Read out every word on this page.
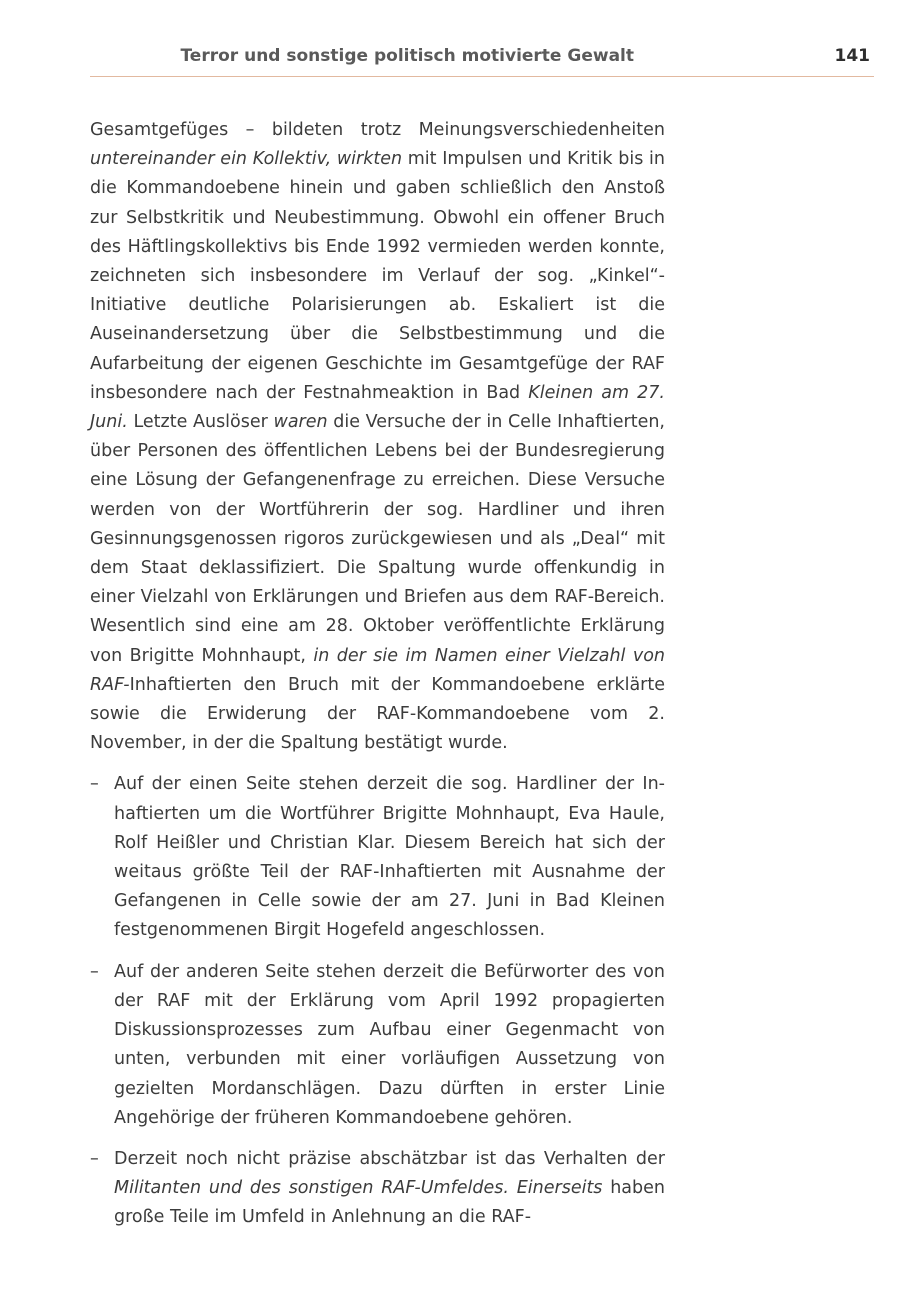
Terror und sonstige politisch motivierte Gewalt	141

Gesamtgefüges – bildeten trotz Meinungsverschiedenheiten untereinander ein Kollektiv, wirkten mit Impulsen und Kritik bis in die Kommandoebene hinein und gaben schließlich den Anstoß zur Selbstkritik und Neubestimmung. Obwohl ein offener Bruch des Häftlingskollektivs bis Ende 1992 vermieden werden konnte, zeichneten sich insbesondere im Verlauf der sog. „Kinkel“-Initiative deutliche Polarisierungen ab. Eskaliert ist die Auseinandersetzung über die Selbstbestimmung und die Aufarbeitung der eigenen Geschichte im Gesamtgefüge der RAF insbesondere nach der Festnahmeaktion in Bad Kleinen am 27. Juni. Letzte Auslöser waren die Versuche der in Celle Inhaftierten, über Personen des öffentlichen Lebens bei der Bundesregierung eine Lösung der Gefangenenfrage zu erreichen. Diese Versuche werden von der Wortführerin der sog. Hardliner und ihren Gesinnungsgenossen rigoros zurückgewiesen und als „Deal“ mit dem Staat deklassifiziert. Die Spaltung wurde offenkundig in einer Vielzahl von Erklärungen und Briefen aus dem RAF-Bereich. Wesentlich sind eine am 28. Oktober veröffentlichte Erklärung von Brigitte Mohnhaupt, in der sie im Namen einer Vielzahl von RAF-Inhaftierten den Bruch mit der Kommandoebene erklärte sowie die Erwiderung der RAF-Kommandoebene vom 2. November, in der die Spaltung bestätigt wurde.

– Auf der einen Seite stehen derzeit die sog. Hardliner der Inhaftierten um die Wortführer Brigitte Mohnhaupt, Eva Haule, Rolf Heißler und Christian Klar. Diesem Bereich hat sich der weitaus größte Teil der RAF-Inhaftierten mit Ausnahme der Gefangenen in Celle sowie der am 27. Juni in Bad Kleinen festgenommenen Birgit Hogefeld angeschlossen.
– Auf der anderen Seite stehen derzeit die Befürworter des von der RAF mit der Erklärung vom April 1992 propagierten Diskussionsprozesses zum Aufbau einer Gegenmacht von unten, verbunden mit einer vorläufigen Aussetzung von gezielten Mordanschlägen. Dazu dürften in erster Linie Angehörige der früheren Kommandoebene gehören.
– Derzeit noch nicht präzise abschätzbar ist das Verhalten der Militanten und des sonstigen RAF-Umfeldes. Einerseits haben große Teile im Umfeld in Anlehnung an die RAF-
